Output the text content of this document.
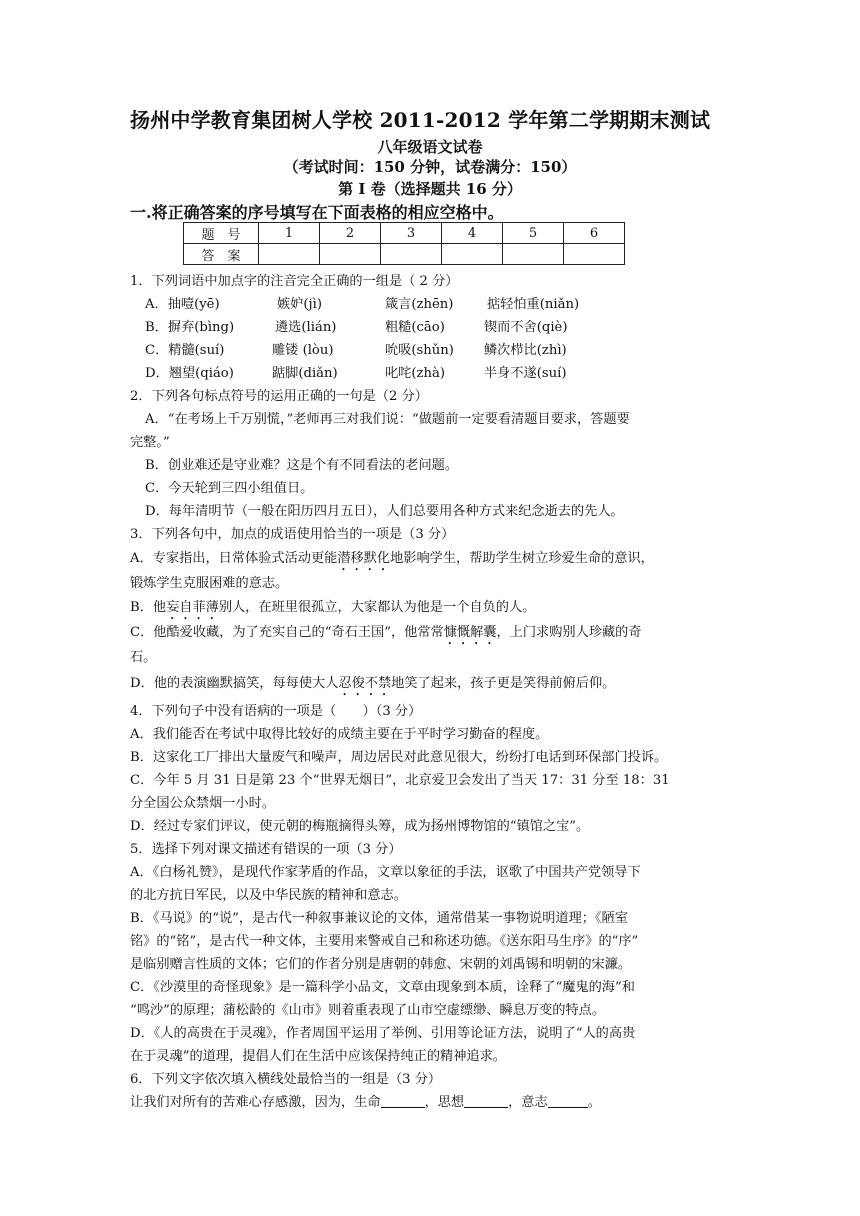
扬州中学教育集团树人学校 2011-2012 学年第二学期期末测试
八年级语文试卷
（考试时间：150 分钟，试卷满分：150）
第 I 卷（选择题共 16 分）
一.将正确答案的序号填写在下面表格的相应空格中。
题　号	1	2	3	4	5	6
答　案						
1．下列词语中加点字的注音完全正确的一组是（ 2 分）
A．抽噎(yē)	嫉妒(jì)	箴言(zhēn)	掂轻怕重(niǎn)
B．摒弃(bìng)	遴选(lián)	粗糙(cāo)	锲而不舍(qiè)
C．精髓(suí)	雕镂 (lòu)	吮吸(shǔn) 鳞次栉比(zhì)
D．翘望(qiáo)	踮脚(diǎn)	叱咤(zhà)	半身不遂(suí)
2．下列各句标点符号的运用正确的一句是（2 分）
A．“在考场上千万别慌，”老师再三对我们说：“做题前一定要看清题目要求，答题要
完整。”
B．创业难还是守业难？这是个有不同看法的老问题。
C．今天轮到三四小组值日。
D．每年清明节（一般在阳历四月五日），人们总要用各种方式来纪念逝去的先人。
3．下列各句中，加点的成语使用恰当的一项是（3 分）
A．专家指出，日常体验式活动更能潜移默化地影响学生，帮助学生树立珍爱生命的意识，
锻炼学生克服困难的意志。
B．他妄自菲薄别人，在班里很孤立，大家都认为他是一个自负的人。
C．他酷爱收藏，为了充实自己的“奇石王国”，他常常慷慨解囊，上门求购别人珍藏的奇
石。
D．他的表演幽默搞笑，每每使大人忍俊不禁地笑了起来，孩子更是笑得前俯后仰。
4．下列句子中没有语病的一项是（　　）（3 分）
A．我们能否在考试中取得比较好的成绩主要在于平时学习勤奋的程度。
B．这家化工厂排出大量废气和噪声，周边居民对此意见很大，纷纷打电话到环保部门投诉。
C．今年 5 月 31 日是第 23 个“世界无烟日”，北京爱卫会发出了当天 17：31 分至 18：31
分全国公众禁烟一小时。
D．经过专家们评议，使元朝的梅瓶摘得头筹，成为扬州博物馆的“镇馆之宝”。
5．选择下列对课文描述有错误的一项（3 分）
A．《白杨礼赞》，是现代作家茅盾的作品，文章以象征的手法，讴歌了中国共产党领导下
的北方抗日军民，以及中华民族的精神和意志。
B．《马说》的“说”，是古代一种叙事兼议论的文体，通常借某一事物说明道理；《陋室
铭》的“铭”，是古代一种文体，主要用来警戒自己和称述功德。《送东阳马生序》的“序”
是临别赠言性质的文体；它们的作者分别是唐朝的韩愈、宋朝的刘禹锡和明朝的宋濂。
C．《沙漠里的奇怪现象》是一篇科学小品文，文章由现象到本质，诠释了“魔鬼的海”和
“鸣沙”的原理；蒲松龄的《山市》则着重表现了山市空虚缥缈、瞬息万变的特点。
D．《人的高贵在于灵魂》，作者周国平运用了举例、引用等论证方法，说明了“人的高贵
在于灵魂”的道理，提倡人们在生活中应该保持纯正的精神追求。
6．下列文字依次填入横线处最恰当的一组是（3 分）
让我们对所有的苦难心存感激，因为，生命	，思想	，意志	。
